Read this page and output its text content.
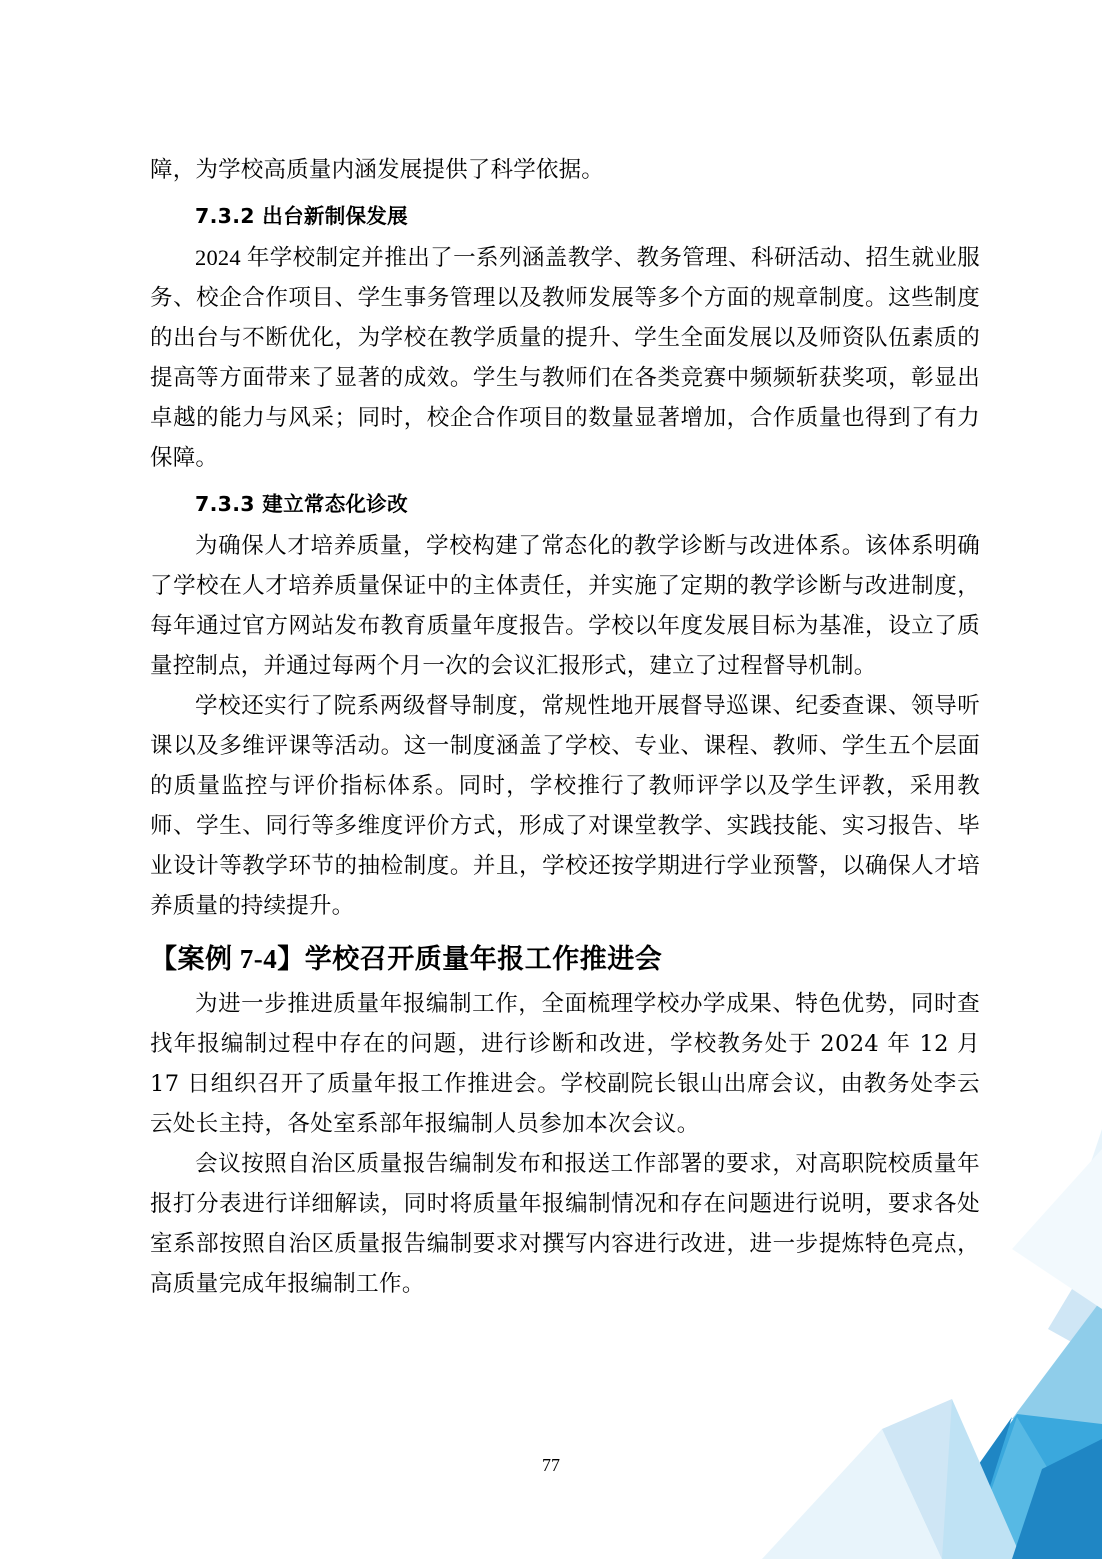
障，为学校高质量内涵发展提供了科学依据。

7.3.2 出台新制保发展

2024 年学校制定并推出了一系列涵盖教学、教务管理、科研活动、招生就业服务、校企合作项目、学生事务管理以及教师发展等多个方面的规章制度。这些制度的出台与不断优化，为学校在教学质量的提升、学生全面发展以及师资队伍素质的提高等方面带来了显著的成效。学生与教师们在各类竞赛中频频斩获奖项，彰显出卓越的能力与风采；同时，校企合作项目的数量显著增加，合作质量也得到了有力保障。

7.3.3 建立常态化诊改

为确保人才培养质量，学校构建了常态化的教学诊断与改进体系。该体系明确了学校在人才培养质量保证中的主体责任，并实施了定期的教学诊断与改进制度，每年通过官方网站发布教育质量年度报告。学校以年度发展目标为基准，设立了质量控制点，并通过每两个月一次的会议汇报形式，建立了过程督导机制。

学校还实行了院系两级督导制度，常规性地开展督导巡课、纪委查课、领导听课以及多维评课等活动。这一制度涵盖了学校、专业、课程、教师、学生五个层面的质量监控与评价指标体系。同时，学校推行了教师评学以及学生评教，采用教师、学生、同行等多维度评价方式，形成了对课堂教学、实践技能、实习报告、毕业设计等教学环节的抽检制度。并且，学校还按学期进行学业预警，以确保人才培养质量的持续提升。

【案例 7-4】学校召开质量年报工作推进会

为进一步推进质量年报编制工作，全面梳理学校办学成果、特色优势，同时查找年报编制过程中存在的问题，进行诊断和改进，学校教务处于 2024 年 12 月 17 日组织召开了质量年报工作推进会。学校副院长银山出席会议，由教务处李云云处长主持，各处室系部年报编制人员参加本次会议。

会议按照自治区质量报告编制发布和报送工作部署的要求，对高职院校质量年报打分表进行详细解读，同时将质量年报编制情况和存在问题进行说明，要求各处室系部按照自治区质量报告编制要求对撰写内容进行改进，进一步提炼特色亮点，高质量完成年报编制工作。

77
